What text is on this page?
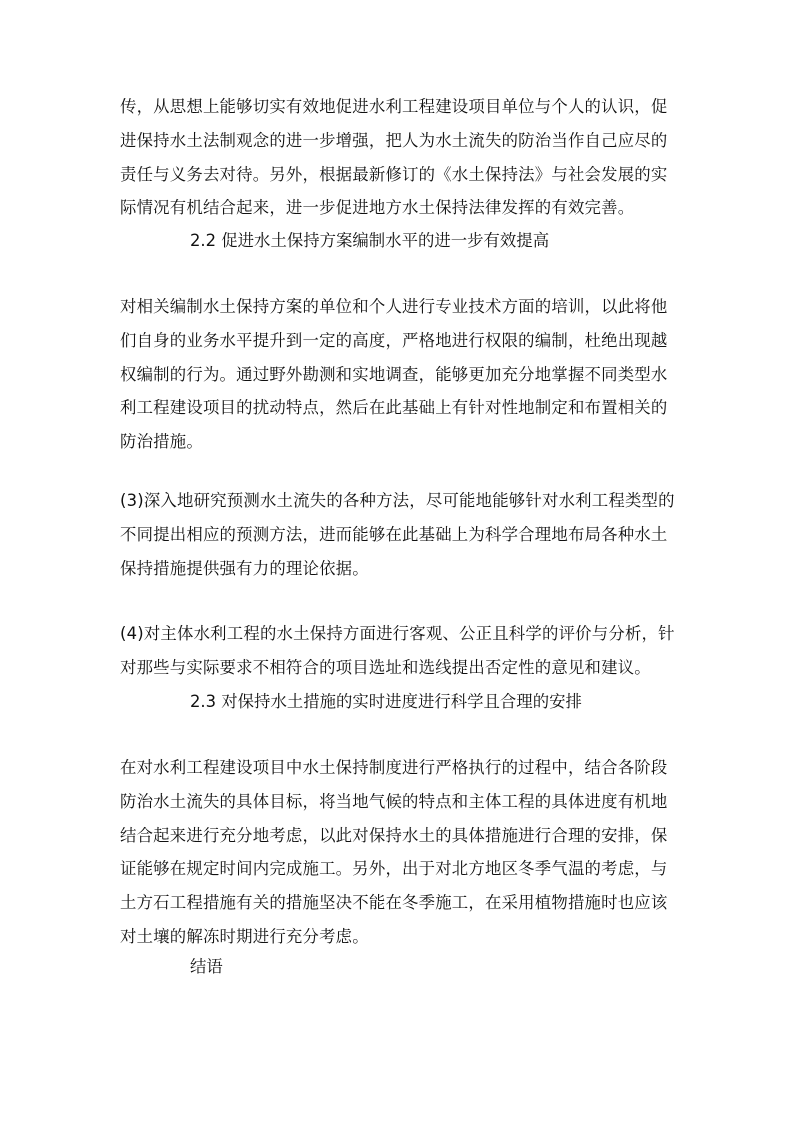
传，从思想上能够切实有效地促进水利工程建设项目单位与个人的认识，促进保持水土法制观念的进一步增强，把人为水土流失的防治当作自己应尽的责任与义务去对待。另外，根据最新修订的《水土保持法》与社会发展的实际情况有机结合起来，进一步促进地方水土保持法律发挥的有效完善。

2.2 促进水土保持方案编制水平的进一步有效提高

对相关编制水土保持方案的单位和个人进行专业技术方面的培训，以此将他们自身的业务水平提升到一定的高度，严格地进行权限的编制，杜绝出现越权编制的行为。通过野外勘测和实地调查，能够更加充分地掌握不同类型水利工程建设项目的扰动特点，然后在此基础上有针对性地制定和布置相关的防治措施。

(3)深入地研究预测水土流失的各种方法，尽可能地能够针对水利工程类型的不同提出相应的预测方法，进而能够在此基础上为科学合理地布局各种水土保持措施提供强有力的理论依据。

(4)对主体水利工程的水土保持方面进行客观、公正且科学的评价与分析，针对那些与实际要求不相符合的项目选址和选线提出否定性的意见和建议。

2.3 对保持水土措施的实时进度进行科学且合理的安排

在对水利工程建设项目中水土保持制度进行严格执行的过程中，结合各阶段防治水土流失的具体目标，将当地气候的特点和主体工程的具体进度有机地结合起来进行充分地考虑，以此对保持水土的具体措施进行合理的安排，保证能够在规定时间内完成施工。另外，出于对北方地区冬季气温的考虑，与土方石工程措施有关的措施坚决不能在冬季施工，在采用植物措施时也应该对土壤的解冻时期进行充分考虑。

结语
